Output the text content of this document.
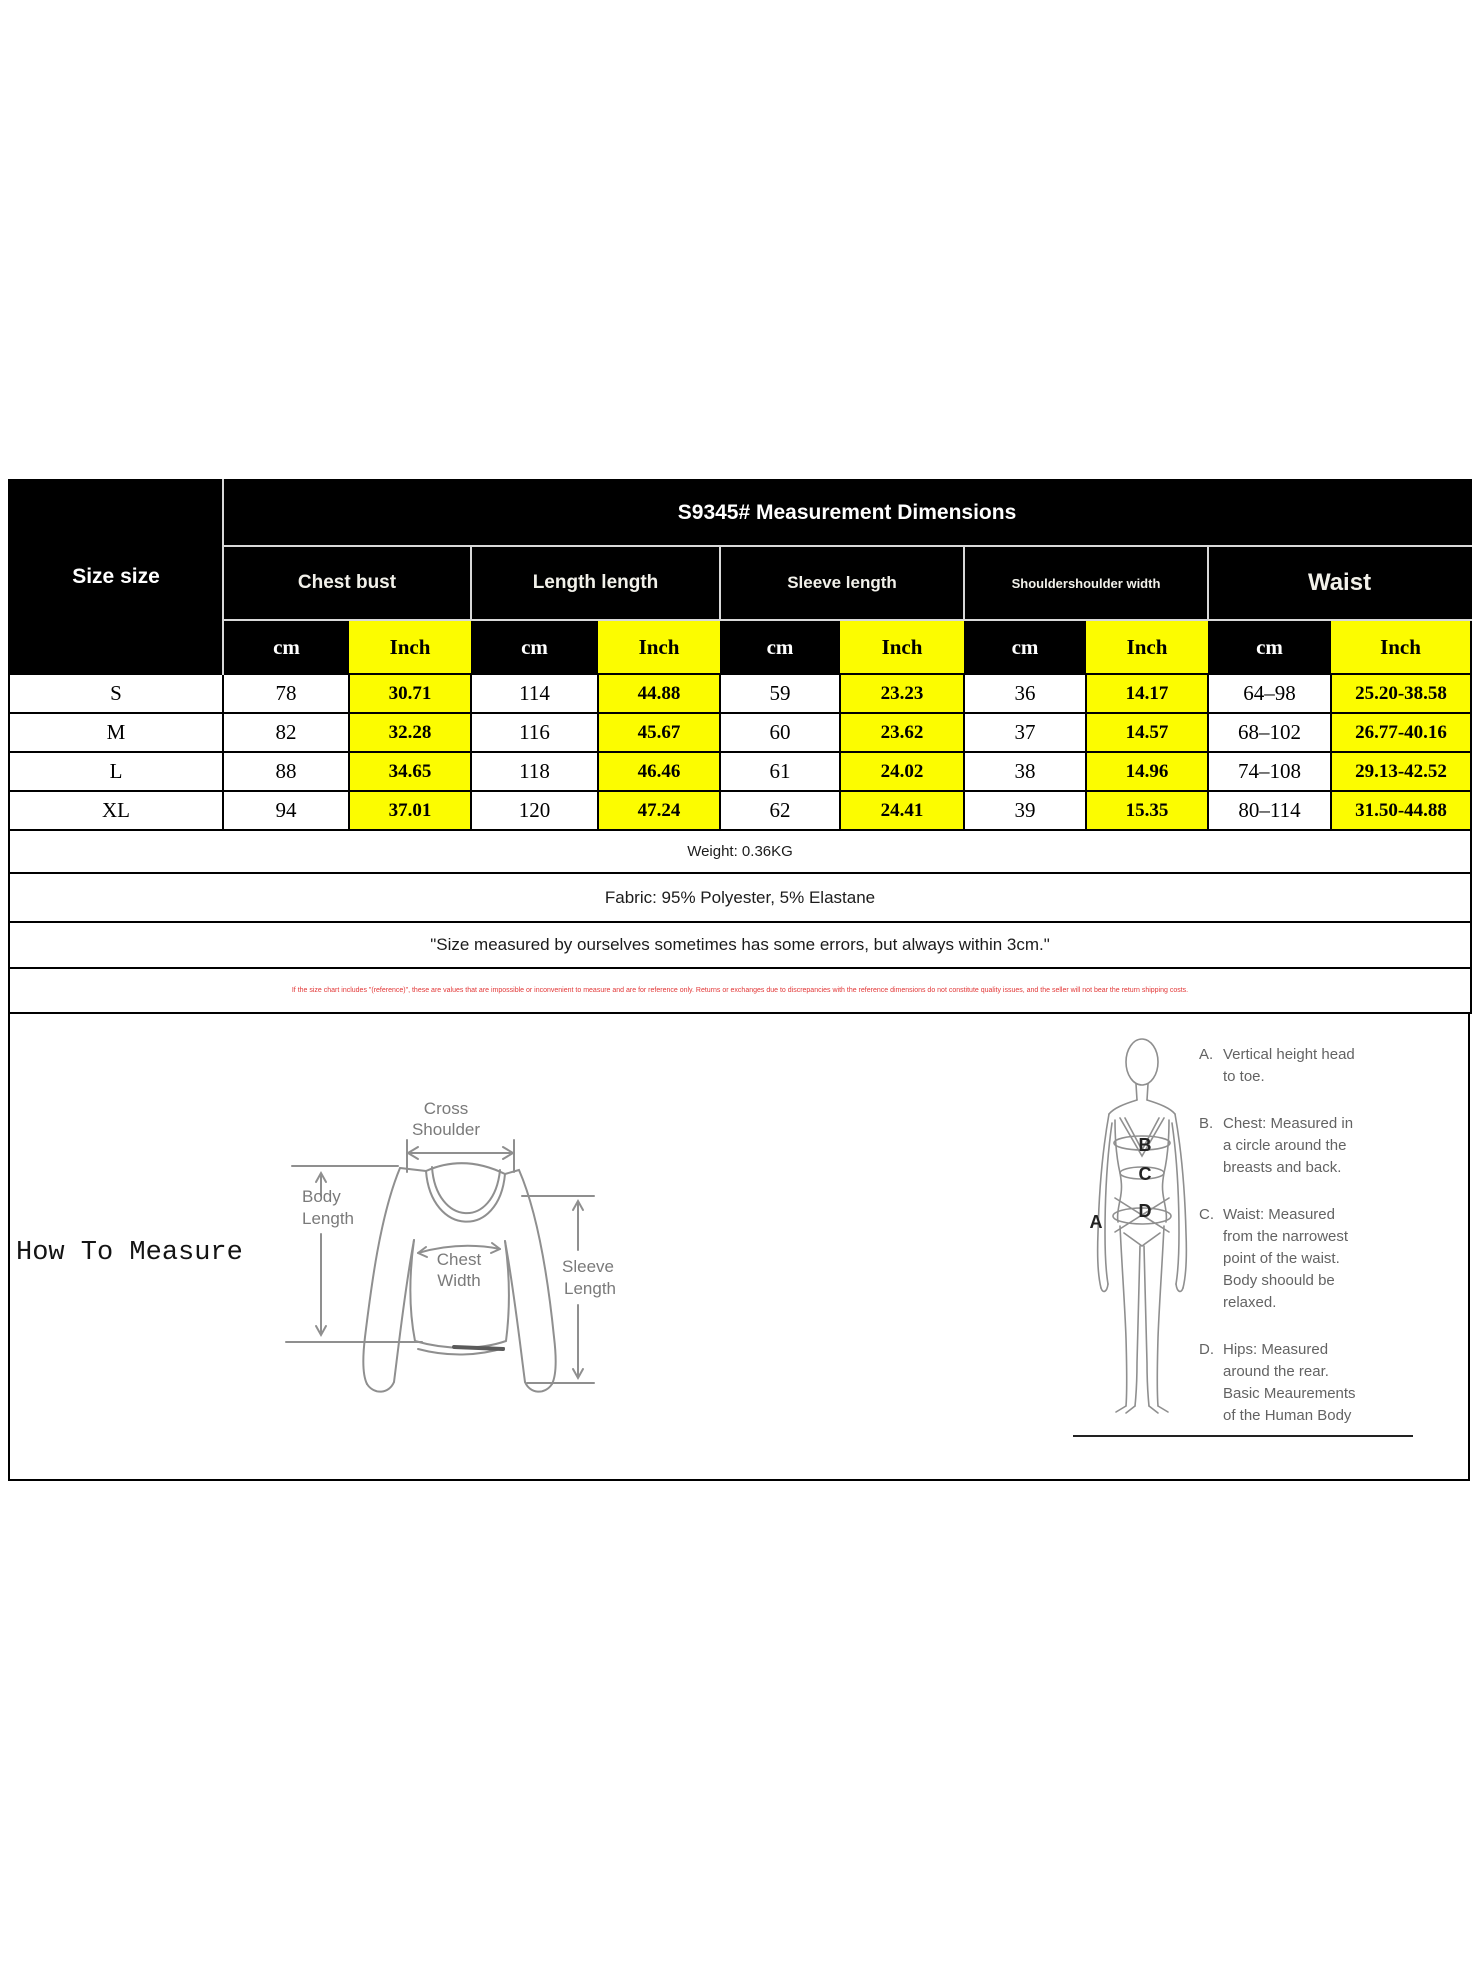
Size size	S9345# Measurement Dimensions									
	Chest bust		Length length		Sleeve length		Shouldershoulder width		Waist	
	cm	Inch	cm	Inch	cm	Inch	cm	Inch	cm	Inch
S	78	30.71	114	44.88	59	23.23	36	14.17	64–98	25.20-38.58
M	82	32.28	116	45.67	60	23.62	37	14.57	68–102	26.77-40.16
L	88	34.65	118	46.46	61	24.02	38	14.96	74–108	29.13-42.52
XL	94	37.01	120	47.24	62	24.41	39	15.35	80–114	31.50-44.88
Weight: 0.36KG										
Fabric: 95% Polyester, 5% Elastane										
"Size measured by ourselves sometimes has some errors, but always within 3cm."										
If the size chart includes "(reference)", these are values that are impossible or inconvenient to measure and are for reference only. Returns or exchanges due to discrepancies with the reference dimensions do not constitute quality issues, and the seller will not bear the return shipping costs.										
How To Measure
Cross
Shoulder
Body
Length
Chest
Width
Sleeve
Length
B
C
D
A
A. Vertical height head to toe.
B. Chest: Measured in a circle around the breasts and back.
C. Waist: Measured from the narrowest point of the waist. Body shoould be relaxed.
D. Hips: Measured around the rear. Basic Meaurements of the Human Body
